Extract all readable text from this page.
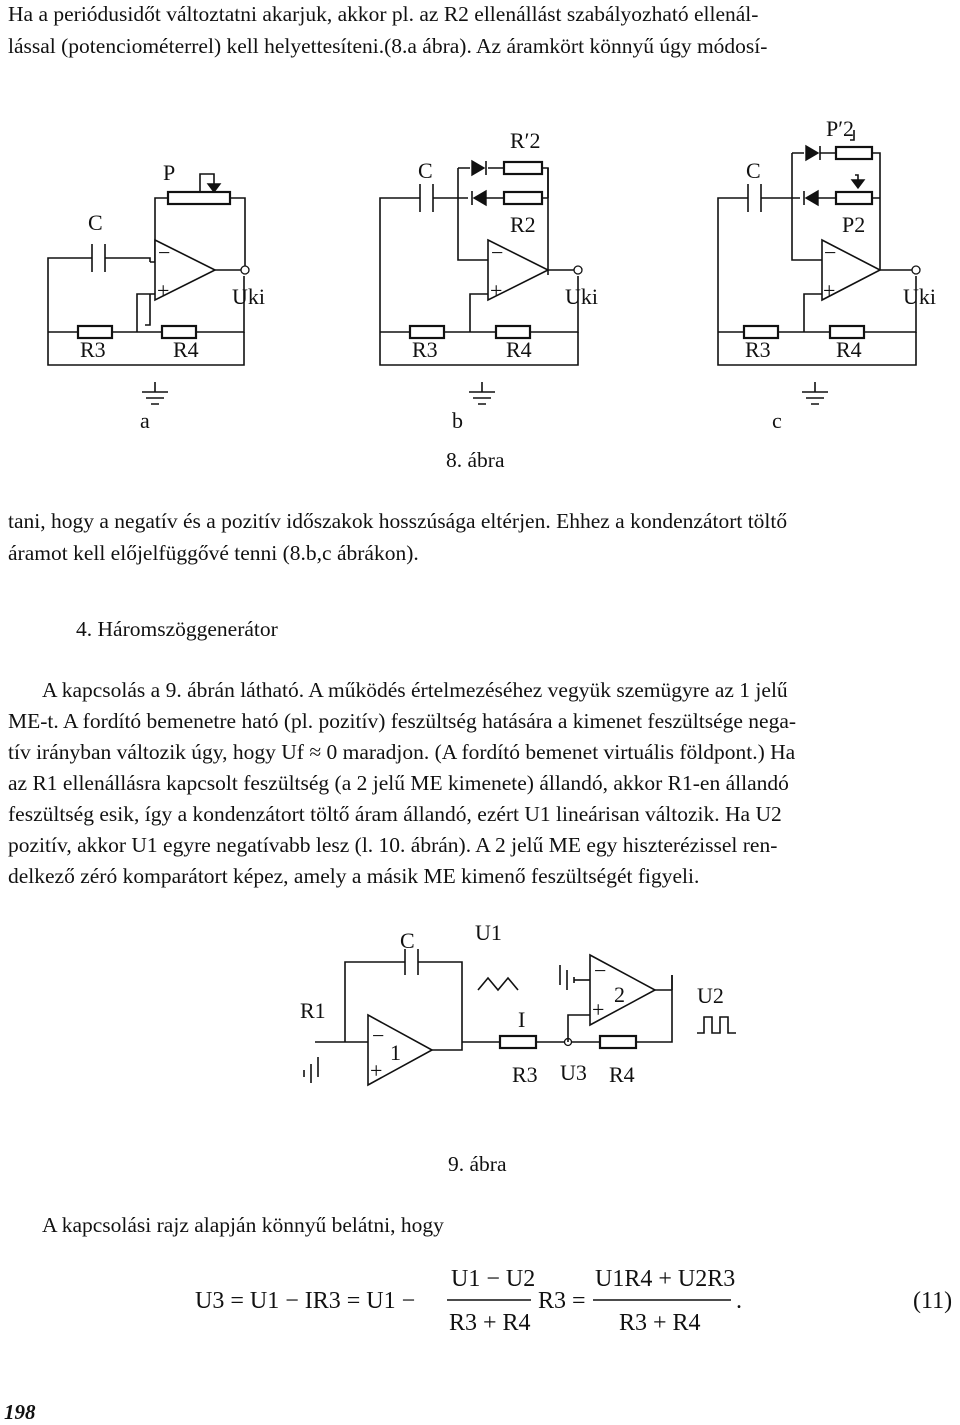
Ha a periódusidőt változtatni akarjuk, akkor pl. az R2 ellenállást szabályozható ellenál-
lással (potenciométerrel) kell helyettesíteni.(8.a ábra). Az áramkört könnyű úgy módosí-
C
P
−
+	Uki
R3	R4
a
C
R′2
R2
−
+	Uki
R3	R4
b
C
P′2
P2
−
+	Uki
R3	R4
c
8. ábra
tani, hogy a negatív és a pozitív időszakok hosszúsága eltérjen. Ehhez a kondenzátort töltő
áramot kell előjelfüggővé tenni (8.b,c ábrákon).
4. Háromszöggenerátor
A kapcsolás a 9. ábrán látható. A működés értelmezéséhez vegyük szemügyre az 1 jelű
ME-t. A fordító bemenetre ható (pl. pozitív) feszültség hatására a kimenet feszültsége nega-
tív irányban változik úgy, hogy Uf ≈ 0 maradjon. (A fordító bemenet virtuális földpont.) Ha
az R1 ellenállásra kapcsolt feszültség (a 2 jelű ME kimenete) állandó, akkor R1-en állandó
feszültség esik, így a kondenzátort töltő áram állandó, ezért U1 lineárisan változik. Ha U2
pozitív, akkor U1 egyre negatívabb lesz (l. 10. ábrán). A 2 jelű ME egy hiszterézissel ren-
delkező zéró komparátort képez, amely a másik ME kimenő feszültségét figyeli.
C	U1
R1	I
R3 U3 R4
U2
1
2
−
+
−
+
9. ábra
A kapcsolási rajz alapján könnyű belátni, hogy
U3 = U1 − IR3 = U1 −
U1 − U2
R3 + R4
R3 =
U1R4 + U2R3
R3 + R4
.	(11)
198
